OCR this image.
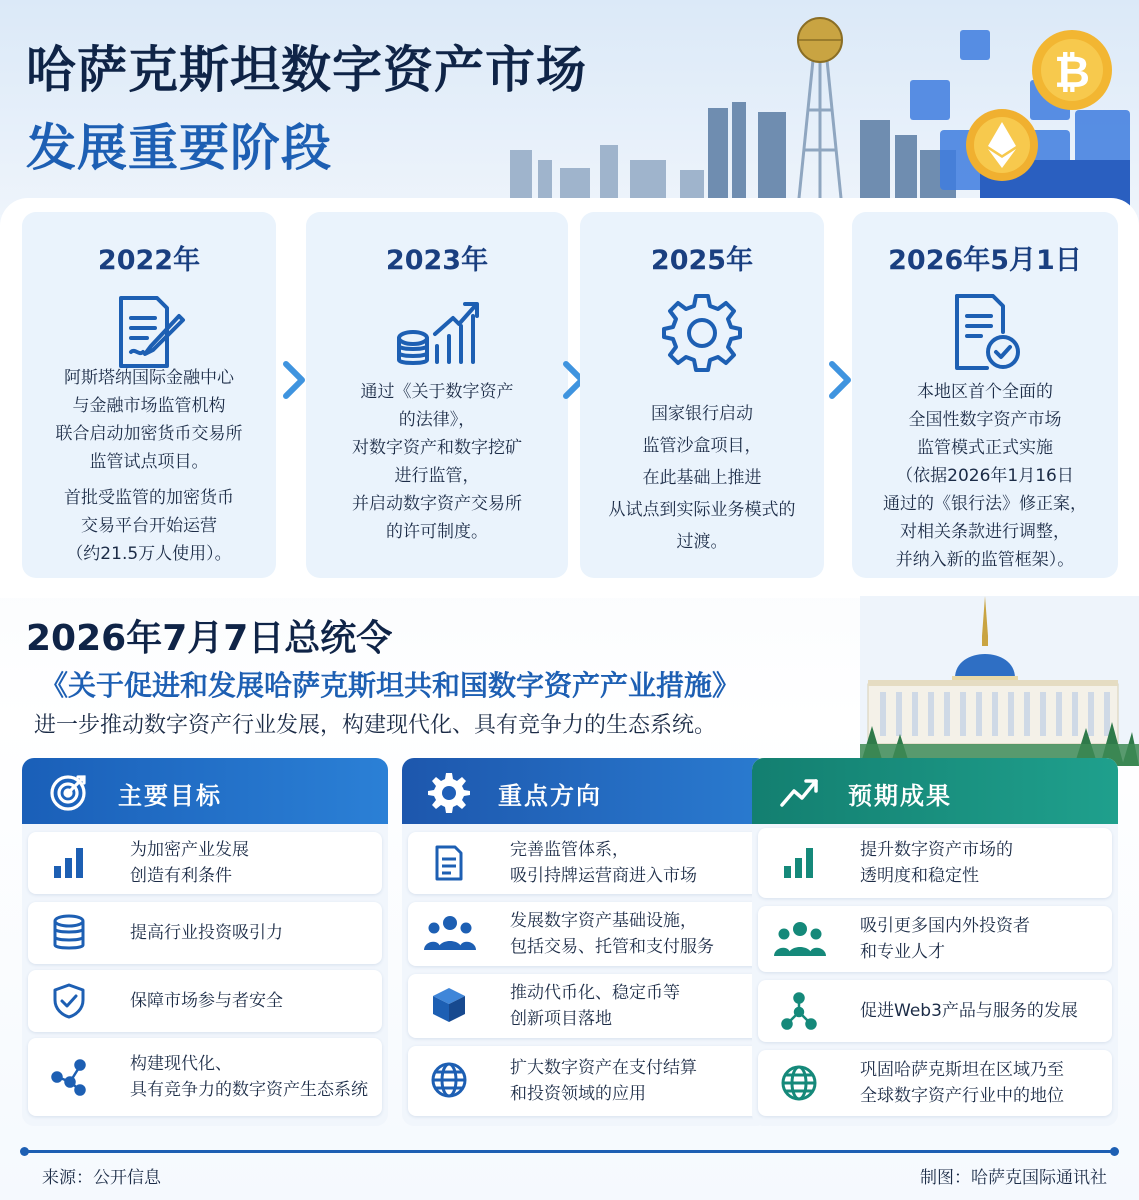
哈萨克斯坦数字资产市场
发展重要阶段
₿
2022年
阿斯塔纳国际金融中心
与金融市场监管机构
联合启动加密货币交易所
监管试点项目。
首批受监管的加密货币
交易平台开始运营
（约21.5万人使用）。
2023年
通过《关于数字资产
的法律》，
对数字资产和数字挖矿
进行监管，
并启动数字资产交易所
的许可制度。
2025年
国家银行启动
监管沙盒项目，
在此基础上推进
从试点到实际业务模式的
过渡。
2026年5月1日
本地区首个全面的
全国性数字资产市场
监管模式正式实施
（依据2026年1月16日
通过的《银行法》修正案，
对相关条款进行调整，
并纳入新的监管框架）。
2026年7月7日总统令
《关于促进和发展哈萨克斯坦共和国数字资产产业措施》
进一步推动数字资产行业发展，构建现代化、具有竞争力的生态系统。
主要目标
为加密产业发展
创造有利条件
提高行业投资吸引力
保障市场参与者安全
构建现代化、
具有竞争力的数字资产生态系统
重点方向
完善监管体系，
吸引持牌运营商进入市场
发展数字资产基础设施，
包括交易、托管和支付服务
推动代币化、稳定币等
创新项目落地
扩大数字资产在支付结算
和投资领域的应用
预期成果
提升数字资产市场的
透明度和稳定性
吸引更多国内外投资者
和专业人才
促进Web3产品与服务的发展
巩固哈萨克斯坦在区域乃至
全球数字资产行业中的地位
来源：公开信息	制图：哈萨克国际通讯社
